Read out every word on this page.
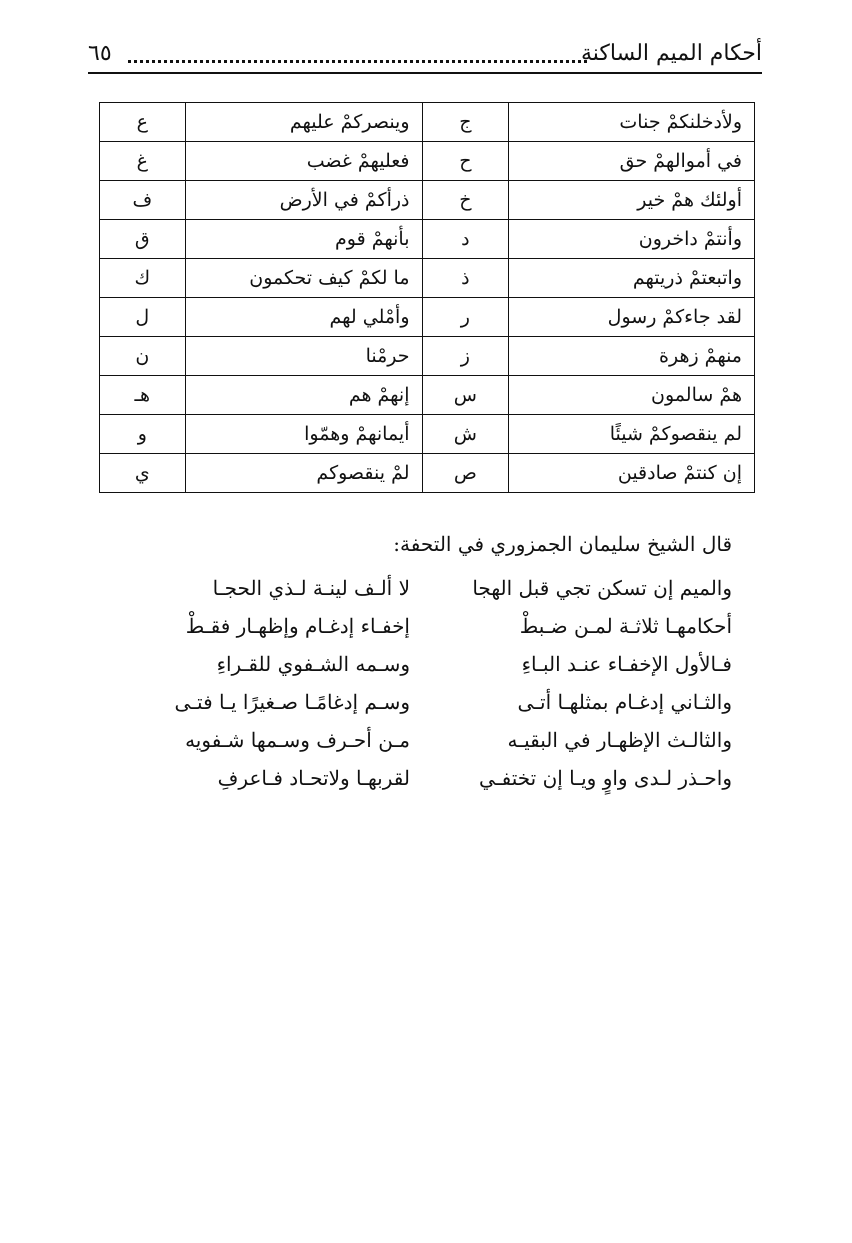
أحكام الميم الساكنة
٦٥
ولأدخلنكمْ جنات	ج	وينصركمْ عليهم	ع
في أموالهمْ حق	ح	فعليهمْ غضب	غ
أولئك همْ خير	خ	ذرأكمْ في الأرض	ف
وأنتمْ داخرون	د	بأنهمْ قوم	ق
واتبعتمْ ذريتهم	ذ	ما لكمْ كيف تحكمون	ك
لقد جاءكمْ رسول	ر	وأمْلي لهم	ل
منهمْ زهرة	ز	حرمْنا	ن
همْ سالمون	س	إنهمْ هم	هـ
لم ينقصوكمْ شيئًا	ش	أيمانهمْ وهمّوا	و
إن كنتمْ صادقين	ص	لمْ ينقصوكم	ي
قال الشيخ سليمان الجمزوري في التحفة:
والميم إن تسكن تجي قبل الهجا
لا ألـف لينـة لـذي الحجـا
أحكامهـا ثلاثـة لمـن ضـبطْ
إخفـاء إدغـام وإظهـار فقـطْ
فـالأول الإخفـاء عنـد البـاءِ
وسـمه الشـفوي للقـراءِ
والثـاني إدغـام بمثلهـا أتـى
وسـم إدغامًـا صـغيرًا يـا فتـى
والثالـث الإظهـار في البقيـه
مـن أحـرف وسـمها شـفويه
واحـذر لـدى واوٍ ويـا إن تختفـي
لقربهـا ولاتحـاد فـاعرفِ
